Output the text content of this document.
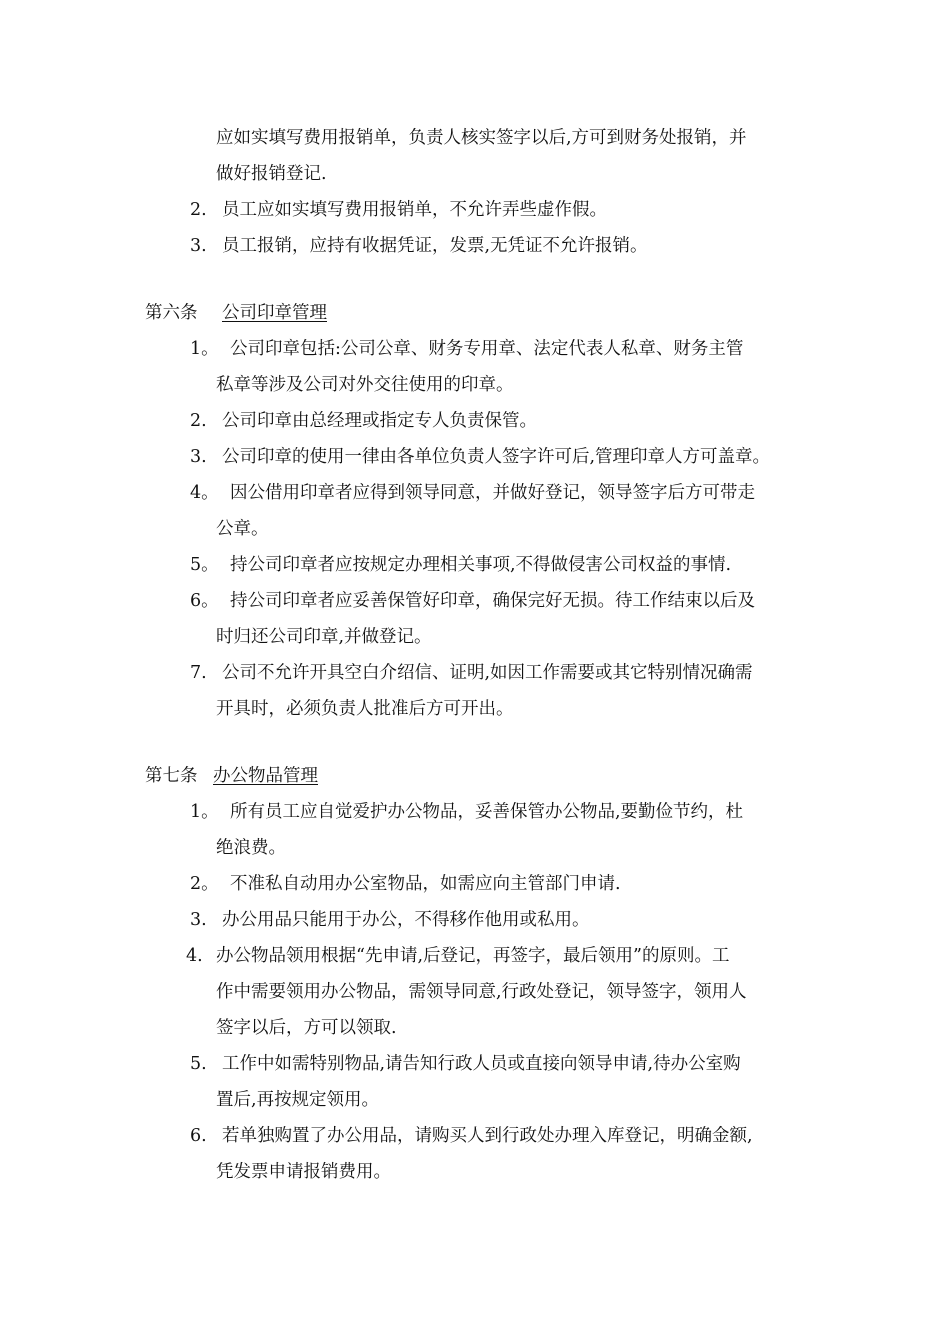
应如实填写费用报销单，负责人核实签字以后,方可到财务处报销，并
做好报销登记.
2. 员工应如实填写费用报销单，不允许弄些虚作假。
3. 员工报销，应持有收据凭证，发票,无凭证不允许报销。
第六条 公司印章管理
1。 公司印章包括:公司公章、财务专用章、法定代表人私章、财务主管
私章等涉及公司对外交往使用的印章。
2. 公司印章由总经理或指定专人负责保管。
3. 公司印章的使用一律由各单位负责人签字许可后,管理印章人方可盖章。
4。 因公借用印章者应得到领导同意，并做好登记，领导签字后方可带走
公章。
5。 持公司印章者应按规定办理相关事项,不得做侵害公司权益的事情.
6。 持公司印章者应妥善保管好印章，确保完好无损。待工作结束以后及
时归还公司印章,并做登记。
7. 公司不允许开具空白介绍信、证明,如因工作需要或其它特别情况确需
开具时，必须负责人批准后方可开出。
第七条 办公物品管理
1。 所有员工应自觉爱护办公物品，妥善保管办公物品,要勤俭节约，杜
绝浪费。
2。 不准私自动用办公室物品，如需应向主管部门申请.
3. 办公用品只能用于办公，不得移作他用或私用。
4. 办公物品领用根据“先申请,后登记，再签字，最后领用”的原则。工
作中需要领用办公物品，需领导同意,行政处登记，领导签字，领用人
签字以后，方可以领取.
5. 工作中如需特别物品,请告知行政人员或直接向领导申请,待办公室购
置后,再按规定领用。
6. 若单独购置了办公用品，请购买人到行政处办理入库登记，明确金额,
凭发票申请报销费用。
